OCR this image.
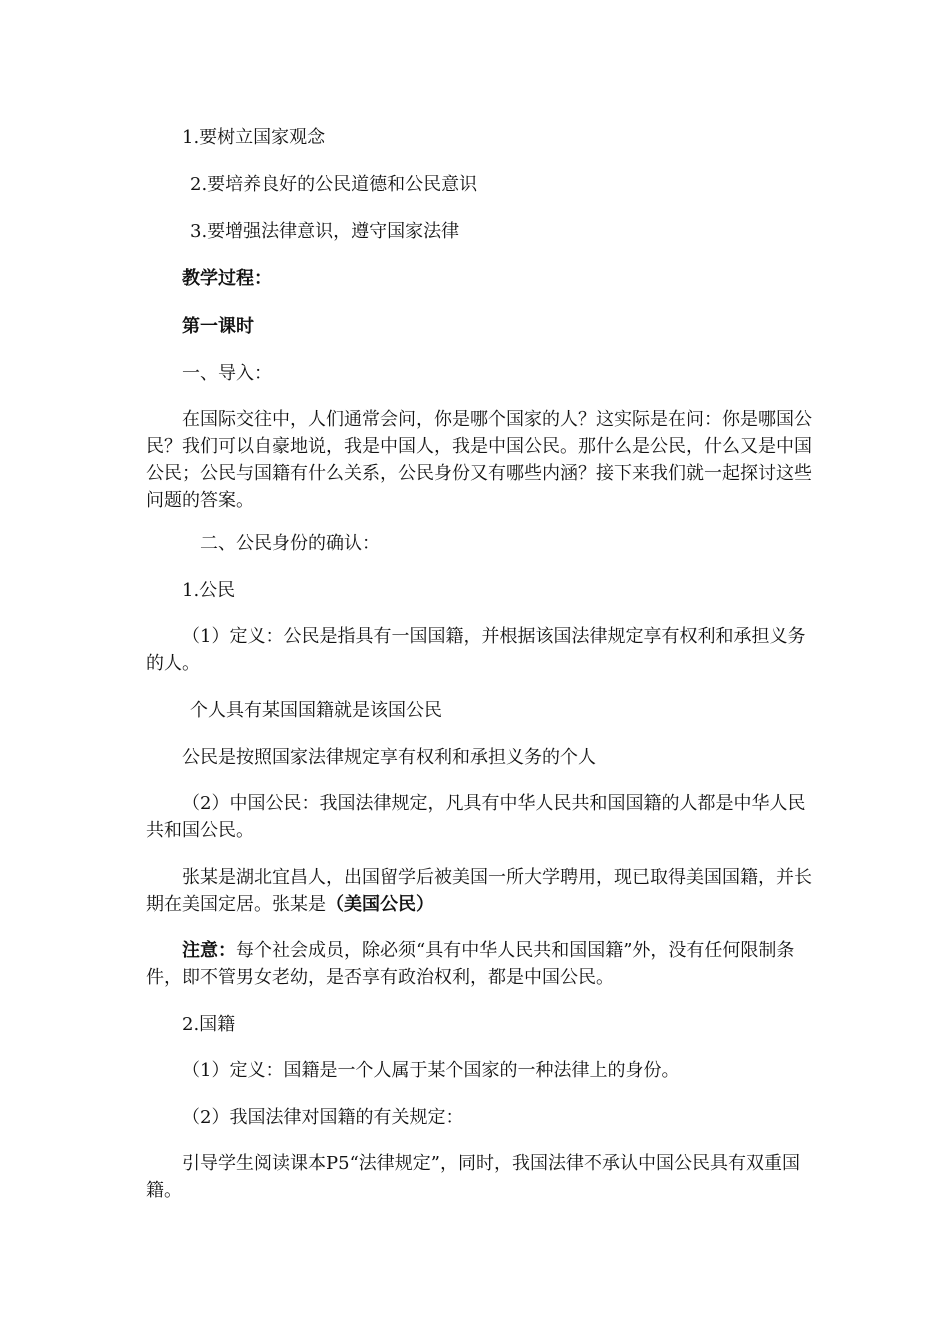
1.要树立国家观念
2.要培养良好的公民道德和公民意识
3.要增强法律意识，遵守国家法律
教学过程：
第一课时
一、导入：
在国际交往中，人们通常会问，你是哪个国家的人？这实际是在问：你是哪国公民？我们可以自豪地说，我是中国人，我是中国公民。那什么是公民，什么又是中国公民；公民与国籍有什么关系，公民身份又有哪些内涵？接下来我们就一起探讨这些问题的答案。
二、公民身份的确认：
1.公民
（1）定义：公民是指具有一国国籍，并根据该国法律规定享有权利和承担义务的人。
个人具有某国国籍就是该国公民
公民是按照国家法律规定享有权利和承担义务的个人
（2）中国公民：我国法律规定，凡具有中华人民共和国国籍的人都是中华人民共和国公民。
张某是湖北宜昌人，出国留学后被美国一所大学聘用，现已取得美国国籍，并长期在美国定居。张某是（美国公民）
注意：每个社会成员，除必须“具有中华人民共和国国籍”外，没有任何限制条件，即不管男女老幼，是否享有政治权利，都是中国公民。
2.国籍
（1）定义：国籍是一个人属于某个国家的一种法律上的身份。
（2）我国法律对国籍的有关规定：
引导学生阅读课本P5“法律规定”，同时，我国法律不承认中国公民具有双重国籍。
